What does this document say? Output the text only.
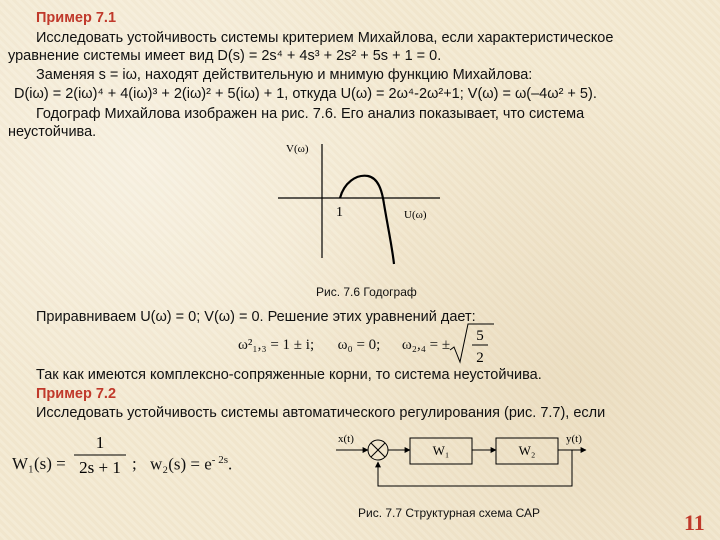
Пример 7.1
Исследовать устойчивость системы критерием Михайлова, если характеристическое
уравнение системы имеет вид D(s) = 2s⁴ + 4s³ + 2s² + 5s + 1 = 0.
Заменяя s = iω, находят действительную и мнимую функцию Михайлова:
D(iω) = 2(iω)⁴ + 4(iω)³ + 2(iω)² + 5(iω) + 1, откуда U(ω) = 2ω⁴-2ω²+1; V(ω) = ω(–4ω² + 5).
Годограф Михайлова изображен на рис. 7.6. Его анализ показывает, что система
неустойчива.
V(ω)
U(ω)
1
Рис. 7.6 Годограф
Приравниваем U(ω) = 0; V(ω) = 0. Решение этих уравнений дает:
ω²₁,₃ = 1 ± i; ω₀ = 0; ω₂,₄ = ±
5
2
Так как имеются комплексно-сопряженные корни, то система неустойчива.
Пример 7.2
Исследовать устойчивость системы автоматического регулирования (рис. 7.7), если
W₁(s) =
1
2s + 1 ; $w_2(s) = e^{- 2s}$.
x(t)	y(t)
W₁	W₂
Рис. 7.7 Структурная схема САР	11
